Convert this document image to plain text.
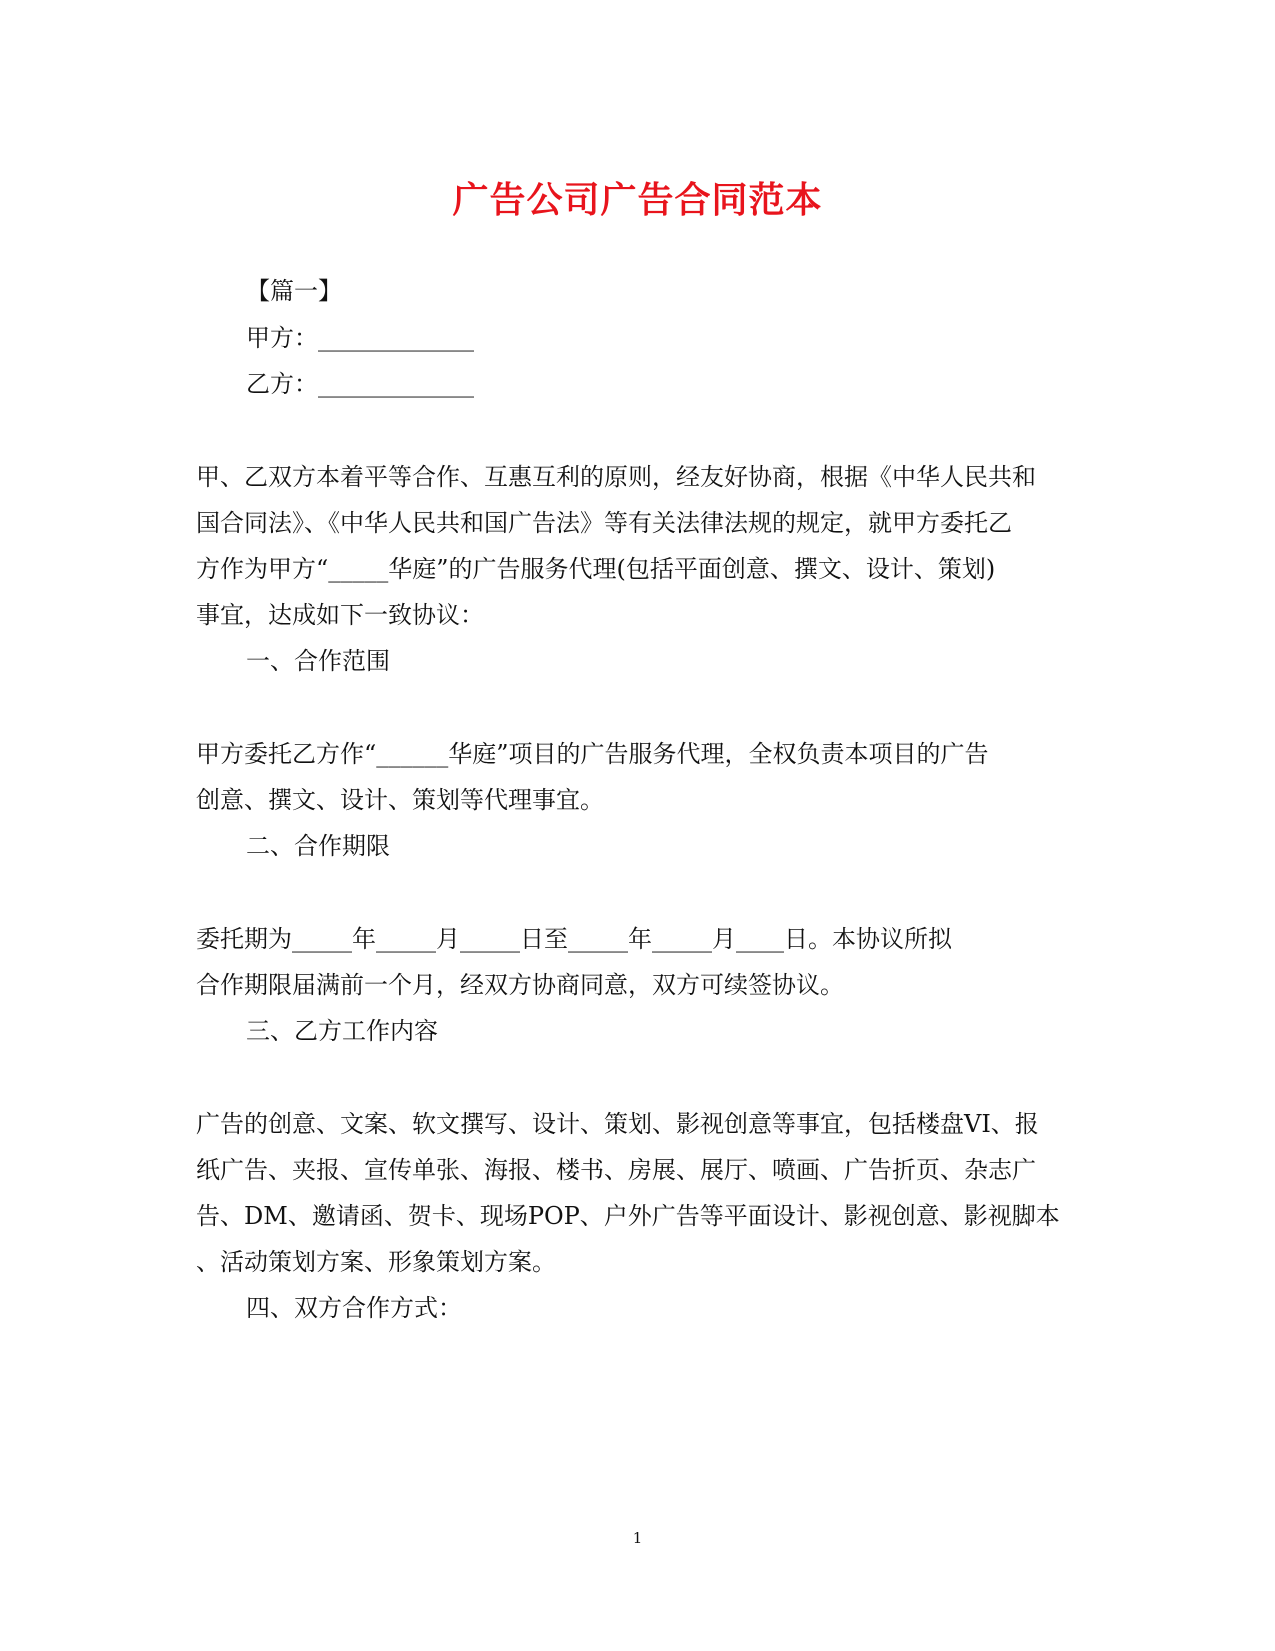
广告公司广告合同范本

【篇一】

甲方：_____________

乙方：_____________

甲、乙双方本着平等合作、互惠互利的原则，经友好协商，根据《中华人民共和

国合同法》、《中华人民共和国广告法》等有关法律法规的规定，就甲方委托乙

方作为甲方“_____华庭”的广告服务代理(包括平面创意、撰文、设计、策划)

事宜，达成如下一致协议：

一、合作范围

甲方委托乙方作“______华庭”项目的广告服务代理，全权负责本项目的广告

创意、撰文、设计、策划等代理事宜。

二、合作期限

委托期为_____年_____月_____日至_____年_____月____日。本协议所拟

合作期限届满前一个月，经双方协商同意，双方可续签协议。

三、乙方工作内容

广告的创意、文案、软文撰写、设计、策划、影视创意等事宜，包括楼盘VI、报

纸广告、夹报、宣传单张、海报、楼书、房展、展厅、喷画、广告折页、杂志广

告、DM、邀请函、贺卡、现场POP、户外广告等平面设计、影视创意、影视脚本

、活动策划方案、形象策划方案。

四、双方合作方式：

1
